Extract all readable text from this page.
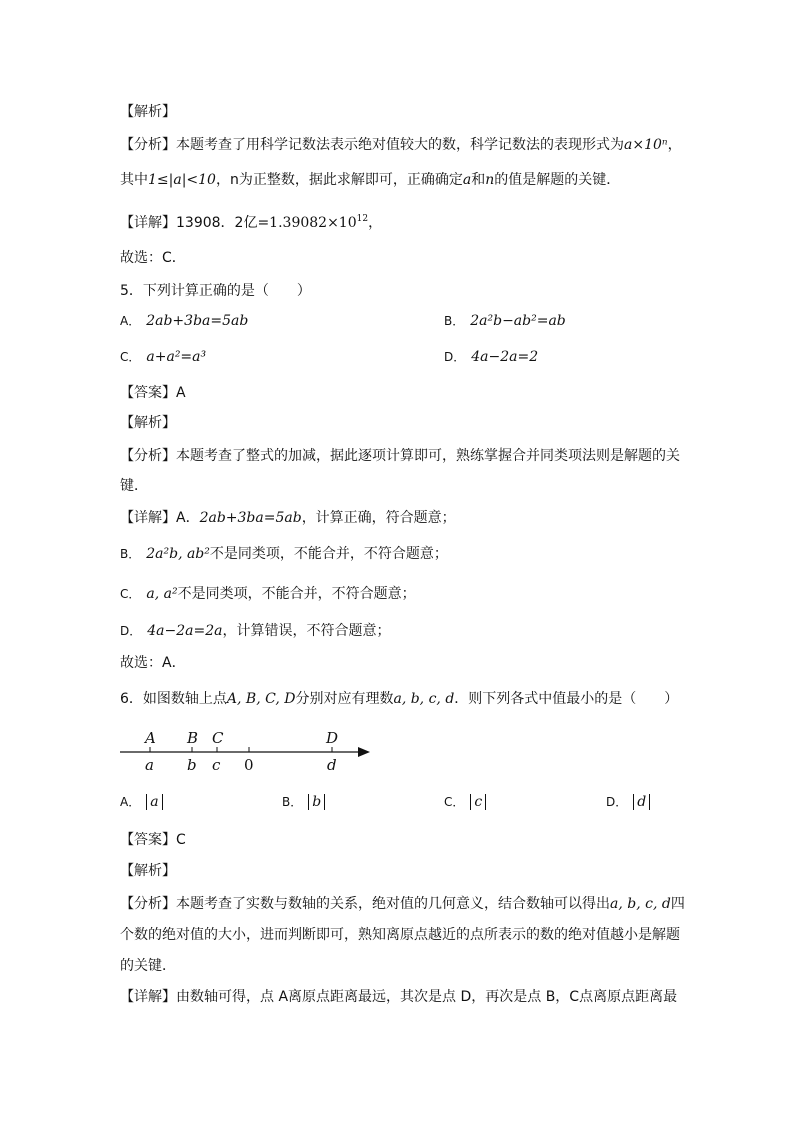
【解析】
【分析】本题考查了用科学记数法表示绝对值较大的数，科学记数法的表现形式为a×10ⁿ，
其中1≤|a|<10，n为正整数，据此求解即可，正确确定a和n的值是解题的关键．
【详解】13908．2亿$=1.39082\times 10^{12}$，
故选：C．
5．下列计算正确的是（　　）
A． 2ab+3ba=5ab	B． 2a²b−ab²=ab
C． a+a²=a³	D． 4a−2a=2
【答案】A
【解析】
【分析】本题考查了整式的加减，据此逐项计算即可，熟练掌握合并同类项法则是解题的关
键．
【详解】A．2ab+3ba=5ab，计算正确，符合题意；
B． 2a²b, ab²不是同类项，不能合并，不符合题意；
C． a, a²不是同类项，不能合并，不符合题意；
D． 4a−2a=2a，计算错误，不符合题意；
故选：A．
6．如图数轴上点A, B, C, D分别对应有理数a, b, c, d．则下列各式中值最小的是（　　）
A B C	D
a b c 0	d
A． a	B． b	C． c	D． d
【答案】C
【解析】
【分析】本题考查了实数与数轴的关系，绝对值的几何意义，结合数轴可以得出a, b, c, d四
个数的绝对值的大小，进而判断即可，熟知离原点越近的点所表示的数的绝对值越小是解题
的关键．
【详解】由数轴可得，点 A离原点距离最远，其次是点 D，再次是点 B，C点离原点距离最
